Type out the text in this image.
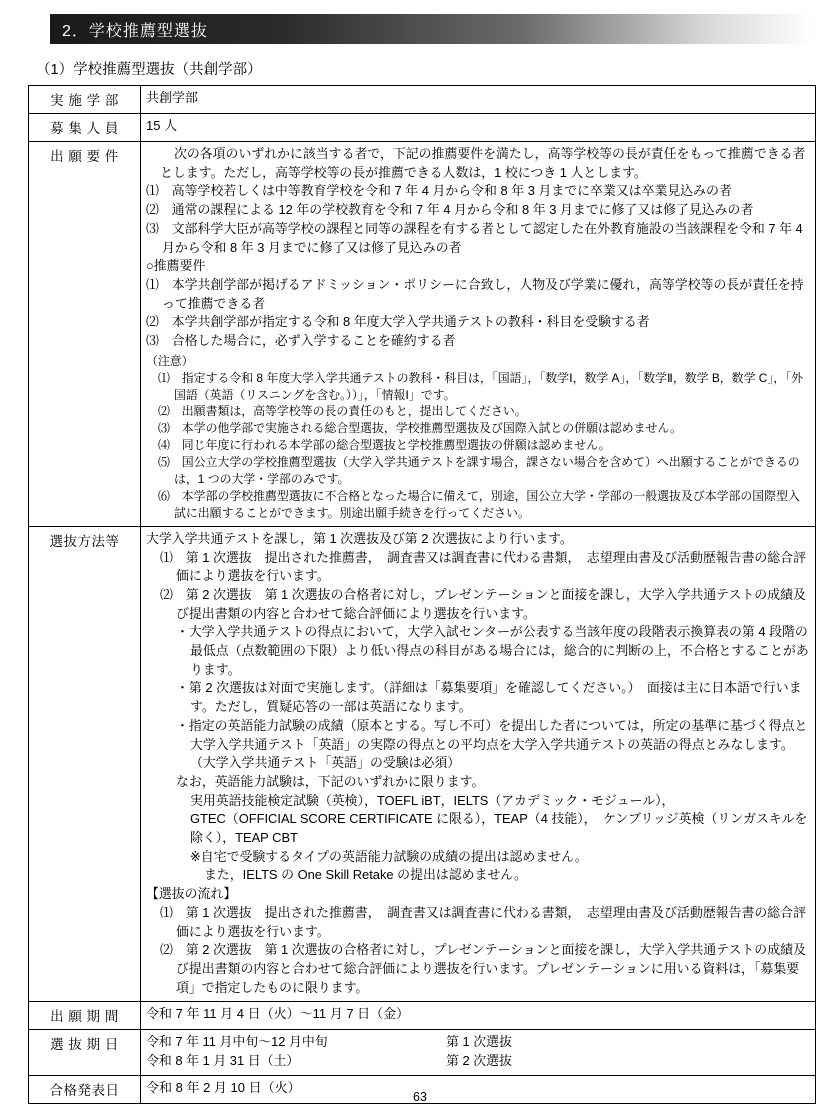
2． 学校推薦型選抜
（1）学校推薦型選抜（共創学部）
実 施 学 部	共創学部
募 集 人 員	15 人
出 願 要 件	次の各項のいずれかに該当する者で，下記の推薦要件を満たし，高等学校等の長が責任をもって推薦できる者とします。ただし，高等学校等の長が推薦できる人数は，1 校につき 1 人とします。

⑴　高等学校若しくは中等教育学校を令和 7 年 4 月から令和 8 年 3 月までに卒業又は卒業見込みの者

⑵　通常の課程による 12 年の学校教育を令和 7 年 4 月から令和 8 年 3 月までに修了又は修了見込みの者

⑶　文部科学大臣が高等学校の課程と同等の課程を有する者として認定した在外教育施設の当該課程を令和 7 年 4 月から令和 8 年 3 月までに修了又は修了見込みの者

○推薦要件

⑴　本学共創学部が掲げるアドミッション・ポリシーに合致し，人物及び学業に優れ，高等学校等の長が責任を持って推薦できる者

⑵　本学共創学部が指定する令和 8 年度大学入学共通テストの教科・科目を受験する者

⑶　合格した場合に，必ず入学することを確約する者

（注意）

⑴　指定する令和 8 年度大学入学共通テストの教科・科目は，「国語」，「数学Ⅰ，数学 A」，「数学Ⅱ，数学 B，数学 C」，「外国語（英語（リスニングを含む。））」，「情報Ⅰ」です。

⑵　出願書類は，高等学校等の長の責任のもと，提出してください。

⑶　本学の他学部で実施される総合型選抜，学校推薦型選抜及び国際入試との併願は認めません。

⑷　同じ年度に行われる本学部の総合型選抜と学校推薦型選抜の併願は認めません。

⑸　国公立大学の学校推薦型選抜（大学入学共通テストを課す場合，課さない場合を含めて）へ出願することができるのは，1 つの大学・学部のみです。

⑹　本学部の学校推薦型選抜に不合格となった場合に備えて，別途，国公立大学・学部の一般選抜及び本学部の国際型入試に出願することができます。別途出願手続きを行ってください。

選抜方法等	大学入学共通テストを課し，第 1 次選抜及び第 2 次選抜により行います。

⑴　第 1 次選抜　提出された推薦書，　調査書又は調査書に代わる書類，　志望理由書及び活動歴報告書の総合評価により選抜を行います。

⑵　第 2 次選抜　第 1 次選抜の合格者に対し，プレゼンテーションと面接を課し，大学入学共通テストの成績及び提出書類の内容と合わせて総合評価により選抜を行います。

・大学入学共通テストの得点において，大学入試センターが公表する当該年度の段階表示換算表の第 4 段階の最低点（点数範囲の下限）より低い得点の科目がある場合には，総合的に判断の上，不合格とすることがあります。

・第 2 次選抜は対面で実施します。（詳細は「募集要項」を確認してください。）　面接は主に日本語で行います。ただし，質疑応答の一部は英語になります。

・指定の英語能力試験の成績（原本とする。写し不可）を提出した者については，所定の基準に基づく得点と大学入学共通テスト「英語」の実際の得点との平均点を大学入学共通テストの英語の得点とみなします。（大学入学共通テスト「英語」の受験は必須）

なお，英語能力試験は，下記のいずれかに限ります。

実用英語技能検定試験（英検），TOEFL iBT，IELTS（アカデミック・モジュール），

GTEC（OFFICIAL SCORE CERTIFICATE に限る），TEAP（4 技能），　ケンブリッジ英検（リンガスキルを除く），TEAP CBT

※自宅で受験するタイプの英語能力試験の成績の提出は認めません。

また，IELTS の One Skill Retake の提出は認めません。

【選抜の流れ】

⑴　第 1 次選抜　提出された推薦書，　調査書又は調査書に代わる書類，　志望理由書及び活動歴報告書の総合評価により選抜を行います。

⑵　第 2 次選抜　第 1 次選抜の合格者に対し，プレゼンテーションと面接を課し，大学入学共通テストの成績及び提出書類の内容と合わせて総合評価により選抜を行います。プレゼンテーションに用いる資料は，「募集要項」で指定したものに限ります。

出 願 期 間	令和 7 年 11 月 4 日（火）～11 月 7 日（金）
選 抜 期 日	令和 7 年 11 月中旬～12 月中旬 第 1 次選抜
令和 8 年 1 月 31 日（土） 第 2 次選抜

合格発表日	令和 8 年 2 月 10 日（火）
63
